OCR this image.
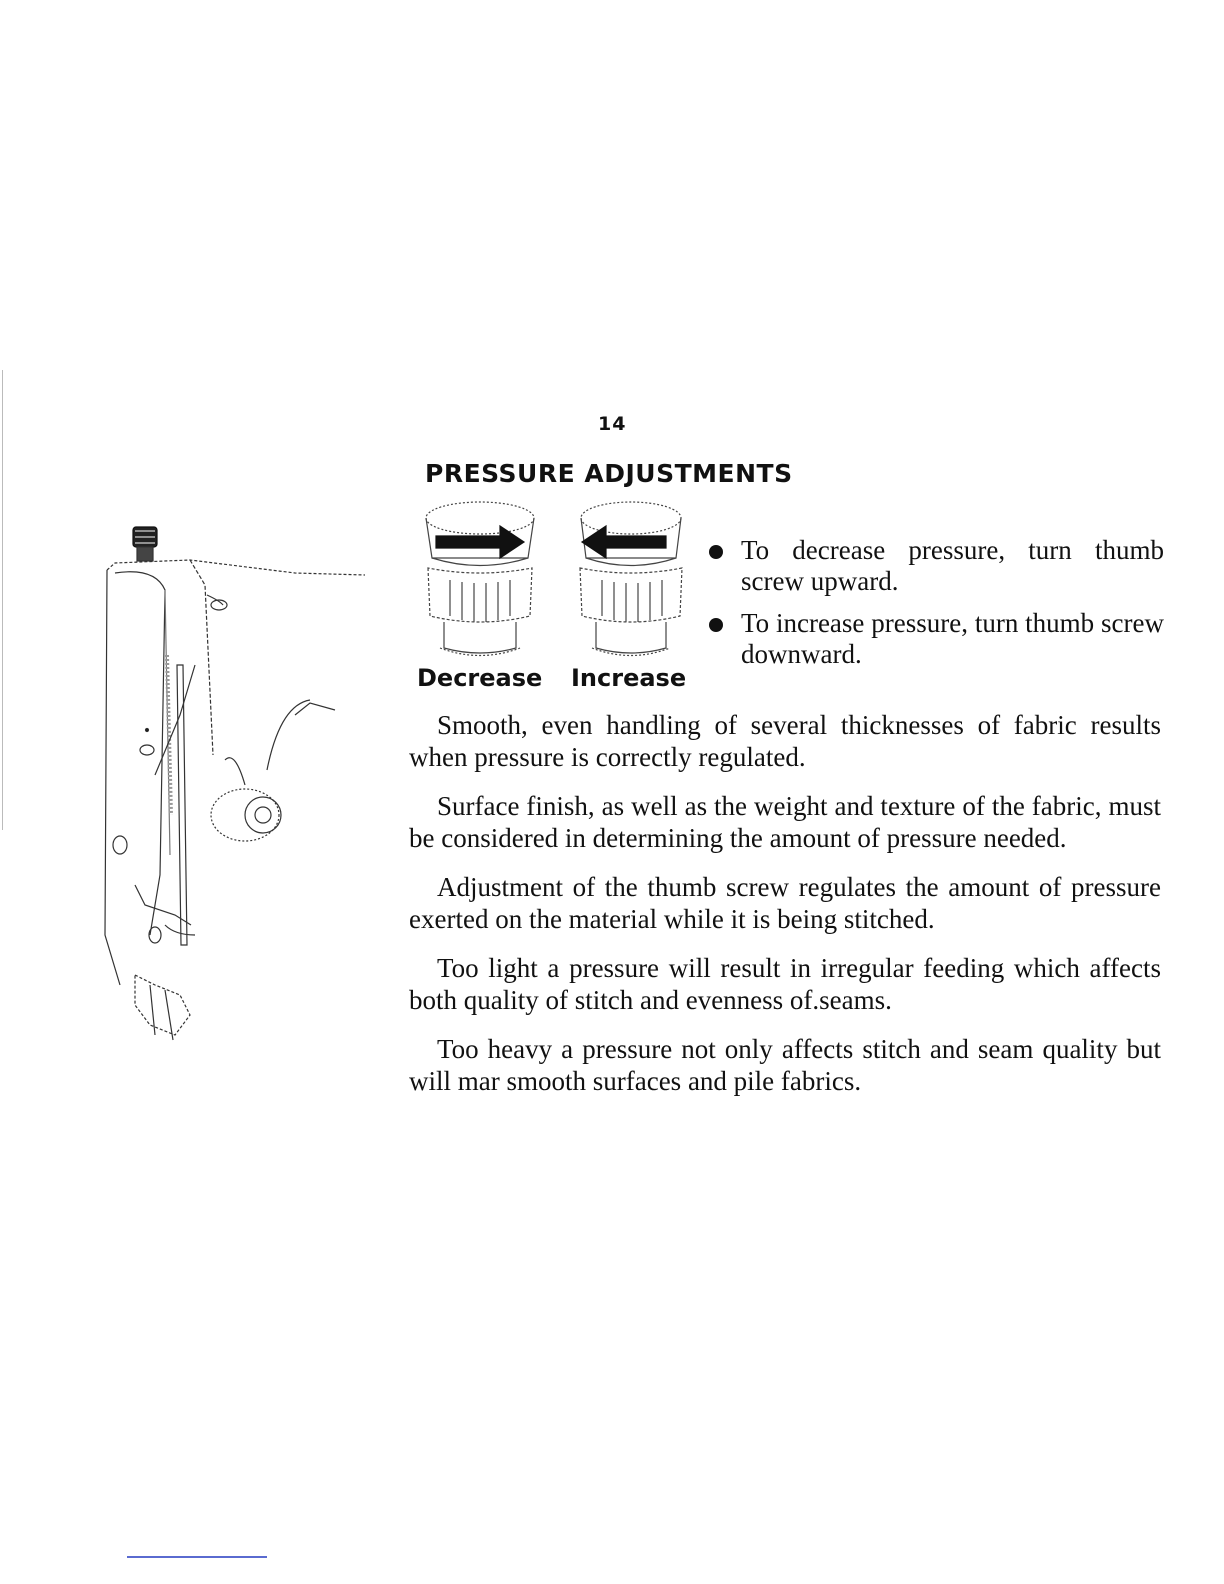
14
PRESSURE ADJUSTMENTS
Decrease Increase
To decrease pressure, turn thumb screw upward.
To increase pressure, turn thumb screw downward.

Smooth, even handling of several thicknesses of fabric results when pressure is correctly regulated.

Surface finish, as well as the weight and texture of the fabric, must be considered in determining the amount of pressure needed.

Adjustment of the thumb screw regulates the amount of pressure exerted on the material while it is being stitched.

Too light a pressure will result in irregular feeding which affects both quality of stitch and evenness of.seams.

Too heavy a pressure not only affects stitch and seam quality but will mar smooth surfaces and pile fabrics.
